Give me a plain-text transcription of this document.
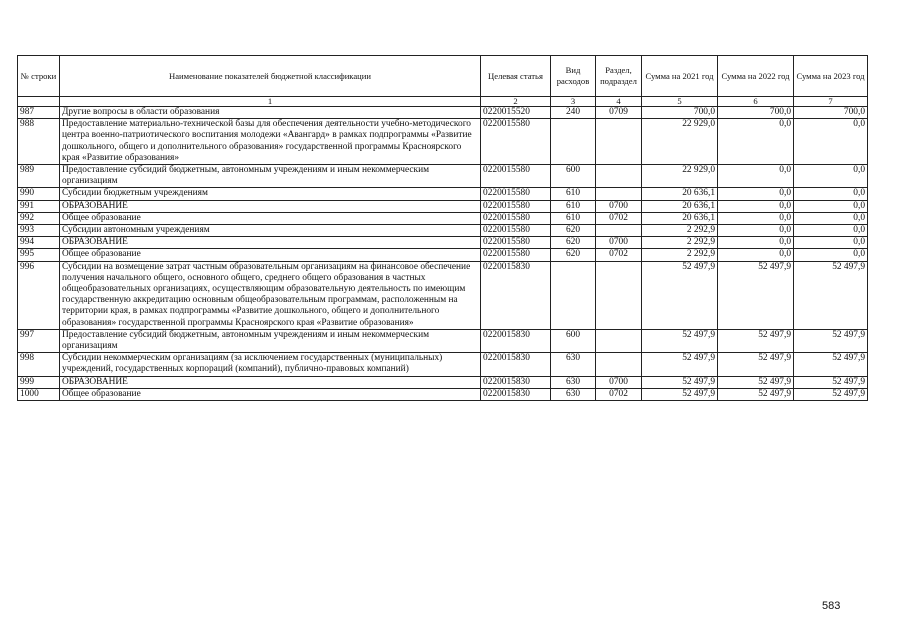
№ строки	Наименование показателей бюджетной классификации	Целевая статья	Вид расходов	Раздел, подраздел	Сумма на 2021 год	Сумма на 2022 год	Сумма на 2023 год
	1	2	3	4	5	6	7
987	Другие вопросы в области образования	0220015520	240	0709	700,0	700,0	700,0
988	Предоставление материально-технической базы для обеспечения деятельности учебно-методического центра военно-патриотического воспитания молодежи «Авангард» в рамках подпрограммы «Развитие дошкольного, общего и дополнительного образования» государственной программы Красноярского края «Развитие образования»	0220015580			22 929,0	0,0	0,0
989	Предоставление субсидий бюджетным, автономным учреждениям и иным некоммерческим организациям	0220015580	600		22 929,0	0,0	0,0
990	Субсидии бюджетным учреждениям	0220015580	610		20 636,1	0,0	0,0
991	ОБРАЗОВАНИЕ	0220015580	610	0700	20 636,1	0,0	0,0
992	Общее образование	0220015580	610	0702	20 636,1	0,0	0,0
993	Субсидии автономным учреждениям	0220015580	620		2 292,9	0,0	0,0
994	ОБРАЗОВАНИЕ	0220015580	620	0700	2 292,9	0,0	0,0
995	Общее образование	0220015580	620	0702	2 292,9	0,0	0,0
996	Субсидии на возмещение затрат частным образовательным организациям на финансовое обеспечение получения начального общего, основного общего, среднего общего образования в частных общеобразовательных организациях, осуществляющим образовательную деятельность по имеющим государственную аккредитацию основным общеобразовательным программам, расположенным на территории края, в рамках подпрограммы «Развитие дошкольного, общего и дополнительного образования» государственной программы Красноярского края «Развитие образования»	0220015830			52 497,9	52 497,9	52 497,9
997	Предоставление субсидий бюджетным, автономным учреждениям и иным некоммерческим организациям	0220015830	600		52 497,9	52 497,9	52 497,9
998	Субсидии некоммерческим организациям (за исключением государственных (муниципальных) учреждений, государственных корпораций (компаний), публично-правовых компаний)	0220015830	630		52 497,9	52 497,9	52 497,9
999	ОБРАЗОВАНИЕ	0220015830	630	0700	52 497,9	52 497,9	52 497,9
1000	Общее образование	0220015830	630	0702	52 497,9	52 497,9	52 497,9
583
